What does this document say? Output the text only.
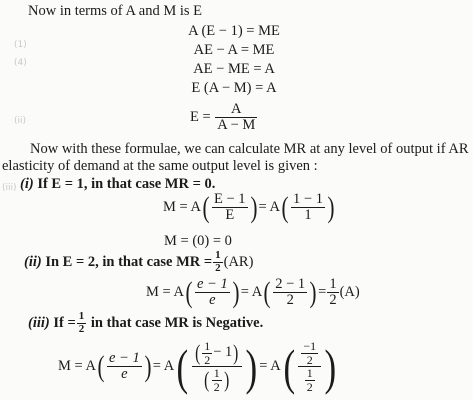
(1)
(4)
(ii)
(iii)
Now in terms of A and M is E
A (E − 1) = ME
AE − A = ME
AE − ME = A
E (A − M) = A
E =
$\frac{A}{A - M}$
Now with these formulae, we can calculate MR at any level of output if AR
elasticity of demand at the same output level is given :
(i) If E = 1, in that case MR = 0.
M = A ( $\frac{E - 1}{E}$ ) = A ( $\frac{1 - 1}{1}$ )
M = (0) = 0
(ii)
In E = 2, in that case MR = $\frac{1}{2} (AR)$
M = A ( $\frac{e - 1}{e}$ ) = A ( $\frac{2 - 1}{2}$ ) = $\frac{1}{2} (A)$
(iii)
$If = \frac{1}{2}$
in that case MR is Negative.
M = A ( $\frac{e - 1}{e}$ ) = A ( ( $\frac{1}{2} - 1$ )
( $\frac{1}{2}$ ) ) = A ( $\frac{\frac{-1}{2}}{\frac{1}{2}}$ )
